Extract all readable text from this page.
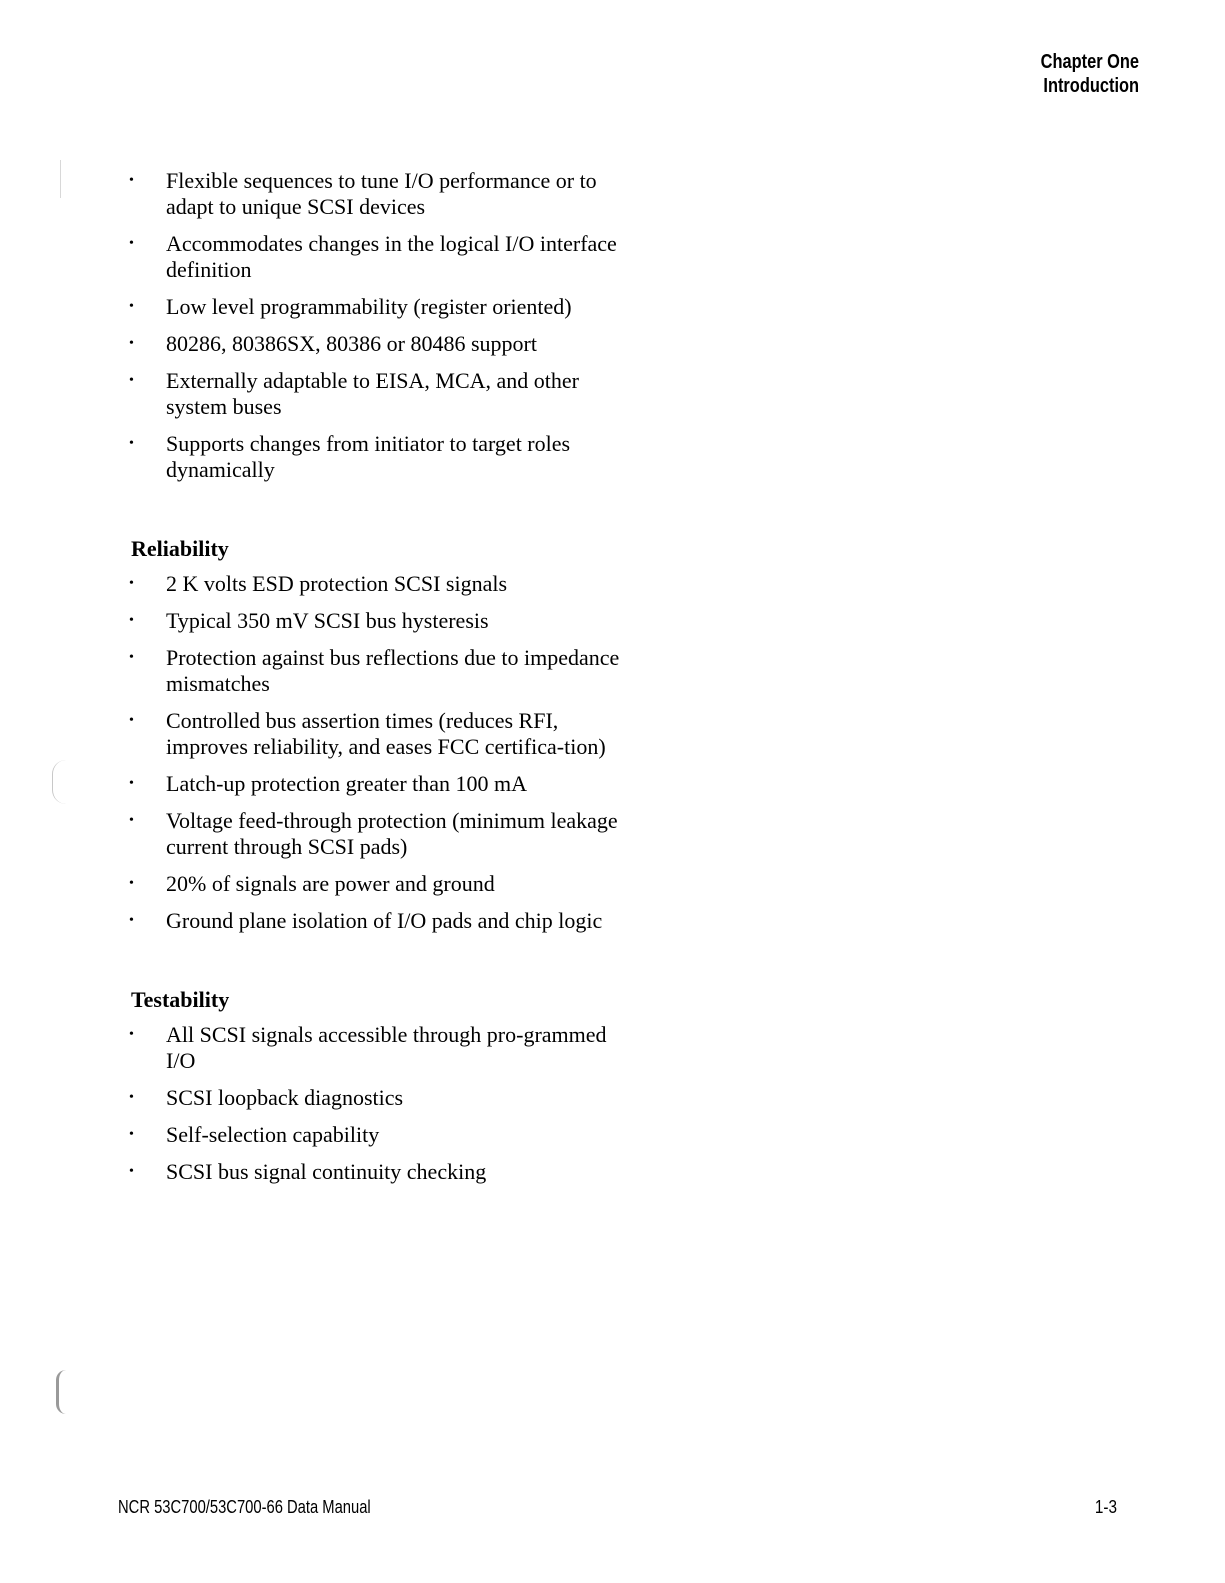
Chapter One
Introduction
• Flexible sequences to tune I/O performance or to adapt to unique SCSI devices
• Accommodates changes in the logical I/O interface definition
• Low level programmability (register oriented)
• 80286, 80386SX, 80386 or 80486 support
• Externally adaptable to EISA, MCA, and other system buses
• Supports changes from initiator to target roles dynamically
Reliability
• 2 K volts ESD protection SCSI signals
• Typical 350 mV SCSI bus hysteresis
• Protection against bus reflections due to impedance mismatches
• Controlled bus assertion times (reduces RFI, improves reliability, and eases FCC certifica-tion)
• Latch-up protection greater than 100 mA
• Voltage feed-through protection (minimum leakage current through SCSI pads)
• 20% of signals are power and ground
• Ground plane isolation of I/O pads and chip logic
Testability
• All SCSI signals accessible through pro-grammed I/O
• SCSI loopback diagnostics
• Self-selection capability
• SCSI bus signal continuity checking
NCR 53C700/53C700-66 Data Manual	1-3
